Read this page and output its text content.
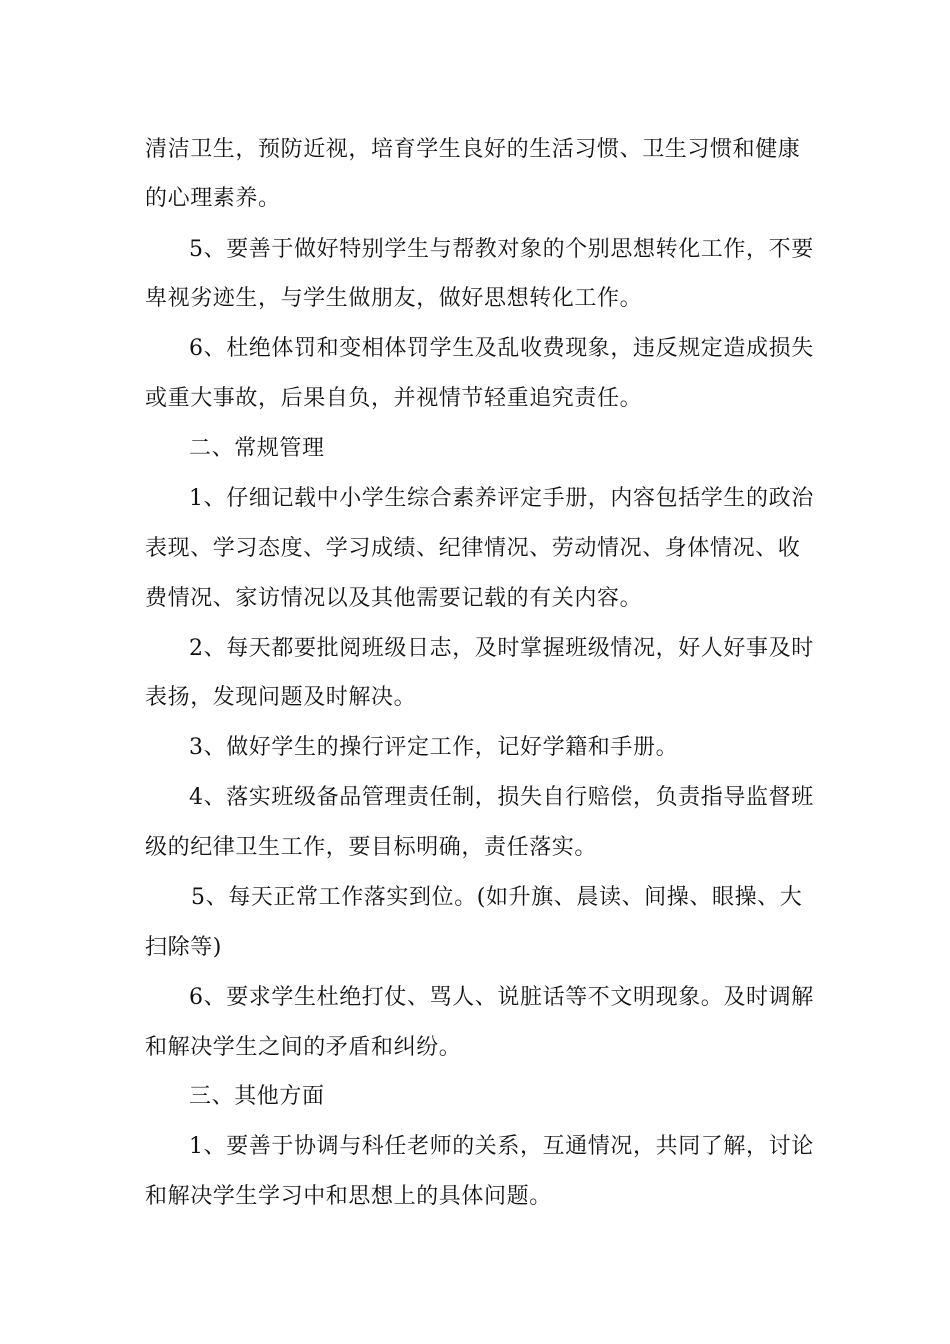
清洁卫生，预防近视，培育学生良好的生活习惯、卫生习惯和健康
的心理素养。
5、要善于做好特别学生与帮教对象的个别思想转化工作，不要
卑视劣迹生，与学生做朋友，做好思想转化工作。
6、杜绝体罚和变相体罚学生及乱收费现象，违反规定造成损失
或重大事故，后果自负，并视情节轻重追究责任。
二、常规管理
1、仔细记载中小学生综合素养评定手册，内容包括学生的政治
表现、学习态度、学习成绩、纪律情况、劳动情况、身体情况、收
费情况、家访情况以及其他需要记载的有关内容。
2、每天都要批阅班级日志，及时掌握班级情况，好人好事及时
表扬，发现问题及时解决。
3、做好学生的操行评定工作，记好学籍和手册。
4、落实班级备品管理责任制，损失自行赔偿，负责指导监督班
级的纪律卫生工作，要目标明确，责任落实。
5、每天正常工作落实到位。(如升旗、晨读、间操、眼操、大
扫除等)
6、要求学生杜绝打仗、骂人、说脏话等不文明现象。及时调解
和解决学生之间的矛盾和纠纷。
三、其他方面
1、要善于协调与科任老师的关系，互通情况，共同了解，讨论
和解决学生学习中和思想上的具体问题。
